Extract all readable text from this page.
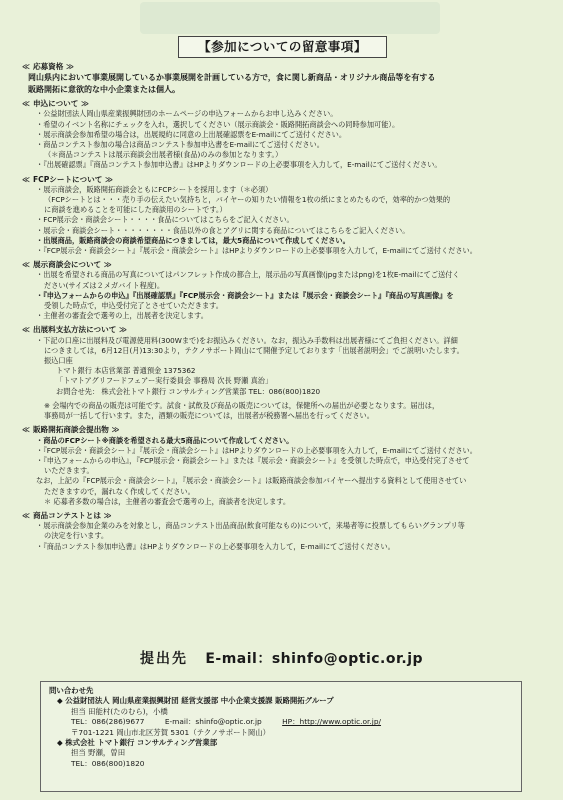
【参加についての留意事項】
≪ 応募資格 ≫
岡山県内において事業展開しているか事業展開を計画している方で，食に関し新商品・オリジナル商品等を有する
販路開拓に意欲的な中小企業または個人。
≪ 申込について ≫
・公益財団法人岡山県産業振興財団のホームページの申込フォームからお申し込みください。
・希望のイベント名称にチェックを入れ，選択してください（展示商談会・販路開拓商談会への同時参加可能）。
・展示商談会参加希望の場合は，出展規約に同意の上出展確認票をE-mailにてご送付ください。
・商品コンテスト参加の場合は商品コンテスト参加申込書をE-mailにてご送付ください。
（＊商品コンテストは展示商談会出展者様(食品)のみの参加となります。）
・『出展確認票』『商品コンテスト参加申込書』はHPよりダウンロードの上必要事項を入力して，E-mailにてご送付ください。
≪ FCPシートについて ≫
・展示商談会，販路開拓商談会ともにFCPシートを採用します（＊必須）
（FCPシートとは・・・売り手の伝えたい気持ちと，バイヤーの知りたい情報を1枚の紙にまとめたもので，効率的かつ効果的
に商談を進めることを可能にした商談用のシートです。）
・FCP展示会・商談会シート・・・・食品についてはこちらをご記入ください。
・展示会・商談会シート・・・・・・・・食品以外の食とアグリに関する商品についてはこちらをご記入ください。
・出展商品，販路商談会の商談希望商品につきましては，最大5商品について作成してください。
・『FCP展示会・商談会シート』『展示会・商談会シート』はHPよりダウンロードの上必要事項を入力して，E-mailにてご送付ください。
≪ 展示商談会について ≫
・出展を希望される商品の写真についてはパンフレット作成の都合上，展示品の写真画像(jpgまたはpng)を1枚E-mailにてご送付く
ださい(サイズは２メガバイト程度)。
・『申込フォームからの申込』『出展確認票』『FCP展示会・商談会シート』または『展示会・商談会シート』『商品の写真画像』を
受領した時点で，申込受付完了とさせていただきます。
・主催者の審査会で選考の上，出展者を決定します。
≪ 出展料支払方法について ≫
・下記の口座に出展料及び電源使用料(300Wまで)をお振込みください。なお，振込み手数料は出展者様にてご負担ください。詳細
につきましては，6月12日(月)13:30より，テクノサポート岡山にて開催予定しております「出展者説明会」でご説明いたします。
振込口座
トマト銀行 本店営業部 普通預金 1375362
「トマトアグリフードフェアー実行委員会 事務局 次長 野瀬 真治」
お問合せ先： 株式会社トマト銀行 コンサルティング営業部 TEL：086(800)1820
※ 会場内での商品の販売は可能です。試食・試飲及び商品の販売については，保健所への届出が必要となります。届出は，
事務局が一括して行います。また，酒類の販売については，出展者が税務署へ届出を行ってください。
≪ 販路開拓商談会提出物 ≫
・商品のFCPシート※商談を希望される最大5商品について作成してください。
・『FCP展示会・商談会シート』『展示会・商談会シート』はHPよりダウンロードの上必要事項を入力して，E-mailにてご送付ください。
・『申込フォームからの申込』，『FCP展示会・商談会シート』または『展示会・商談会シート』を受領した時点で，申込受付完了させて
いただきます。
なお，上記の『FCP展示会・商談会シート』，『展示会・商談会シート』は販路商談会参加バイヤーへ提出する資料として使用させてい
ただきますので，漏れなく作成してください。
＊ 応募者多数の場合は，主催者の審査会で選考の上，商談者を決定します。
≪ 商品コンテストとは ≫
・展示商談会参加企業のみを対象とし，商品コンテスト出品商品(飲食可能なもの)について，来場者等に投票してもらいグランプリ等
の決定を行います。
・『商品コンテスト参加申込書』はHPよりダウンロードの上必要事項を入力して，E-mailにてご送付ください。
提出先 E-mail：shinfo@optic.or.jp
問い合わせ先
◆ 公益財団法人 岡山県産業振興財団 経営支援部 中小企業支援課 販路開拓グループ
担当 田能村(たのむら)，小橋
TEL：086(286)9677	E-mail：shinfo@optic.or.jp	HP：http://www.optic.or.jp/
〒701-1221 岡山市北区芳賀 5301（テクノサポート岡山）
◆ 株式会社 トマト銀行 コンサルティング営業部
担当 野瀬，曽田
TEL：086(800)1820
